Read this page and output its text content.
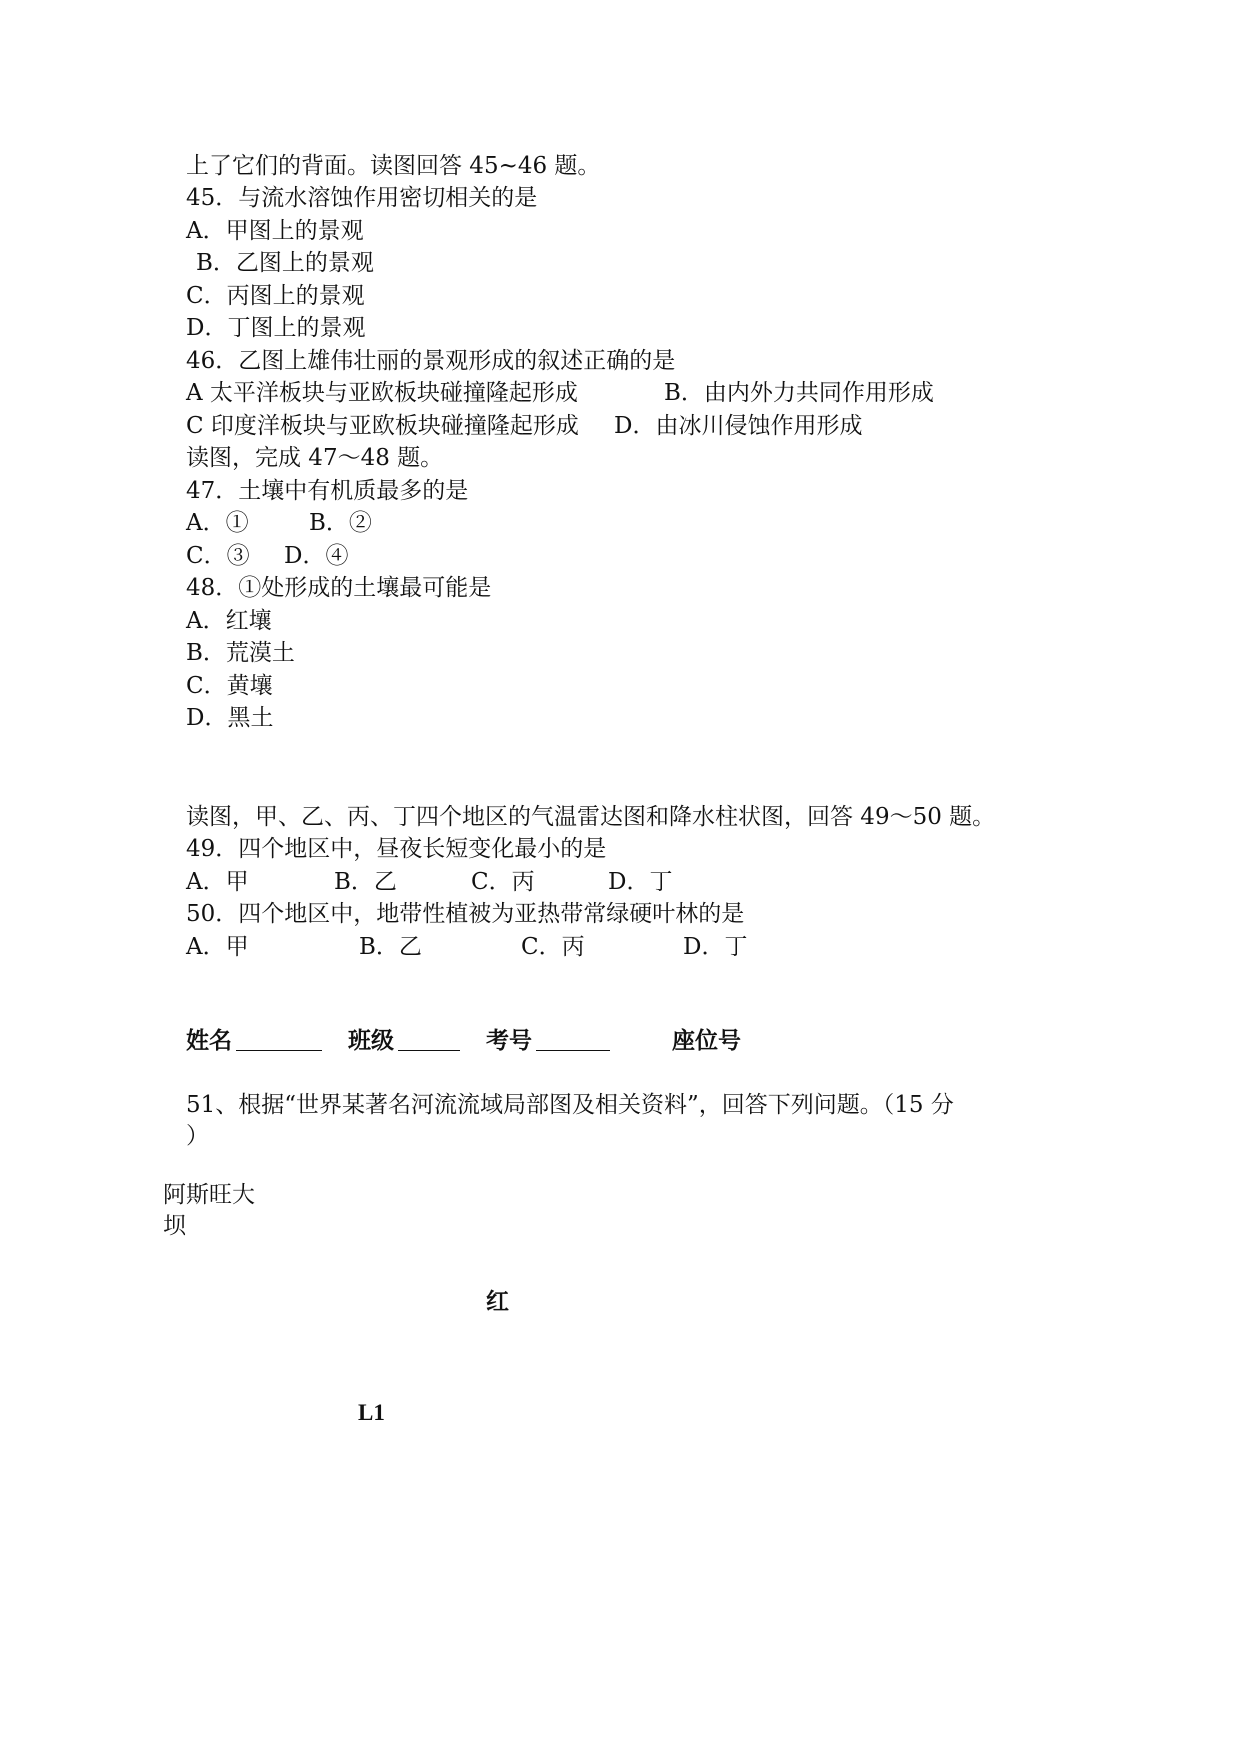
上了它们的背面。读图回答 45~46 题。
45．与流水溶蚀作用密切相关的是
A．甲图上的景观
B．乙图上的景观
C．丙图上的景观
D．丁图上的景观
46．乙图上雄伟壮丽的景观形成的叙述正确的是
A 太平洋板块与亚欧板块碰撞隆起形成	B．由内外力共同作用形成
C 印度洋板块与亚欧板块碰撞隆起形成 D．由冰川侵蚀作用形成
读图，完成 47～48 题。
47．土壤中有机质最多的是
A．①	B．②
C．③ D．④
48．①处形成的土壤最可能是
A．红壤
B．荒漠土
C．黄壤
D．黑土
读图，甲、乙、丙、丁四个地区的气温雷达图和降水柱状图，回答 49～50 题。
49．四个地区中，昼夜长短变化最小的是
A．甲	B．乙	C．丙	D．丁
50．四个地区中，地带性植被为亚热带常绿硬叶林的是
A．甲	B．乙	C．丙	D．丁
姓名	班级	考号	座位号
51、根据“世界某著名河流流域局部图及相关资料”，回答下列问题。（15 分
）
阿斯旺大
坝
红
L1
